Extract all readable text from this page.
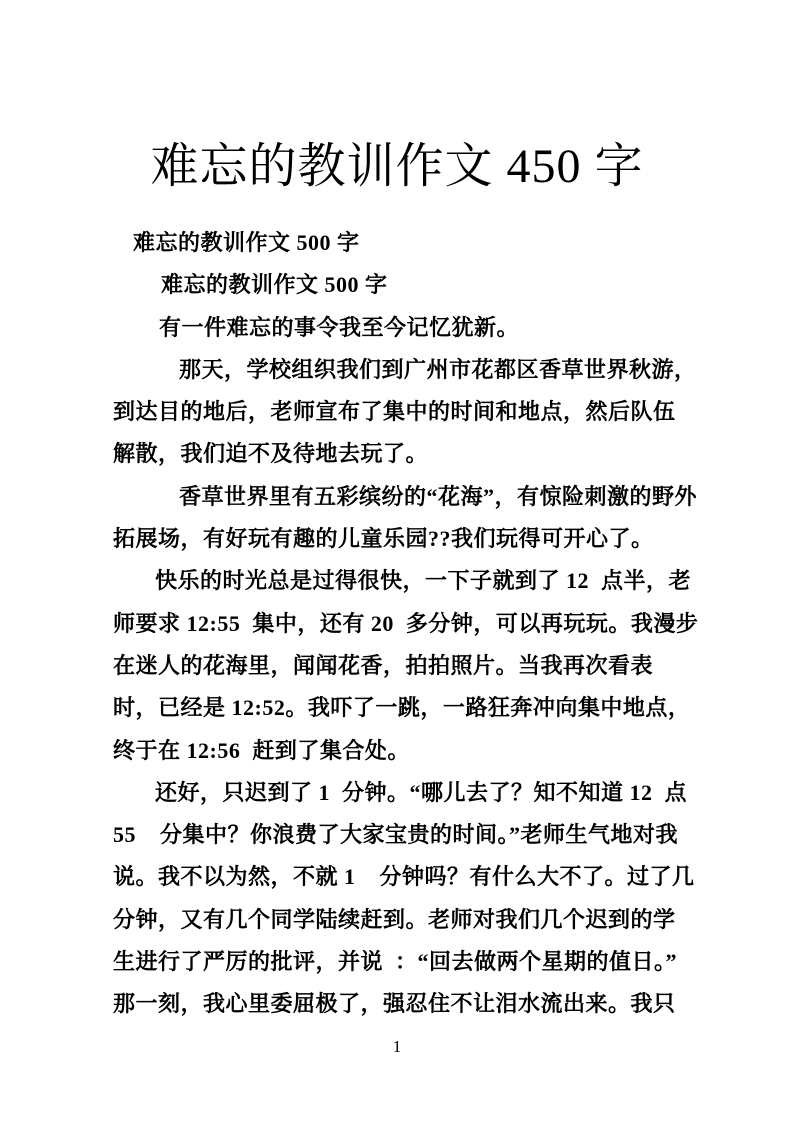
难忘的教训作文 450 字
难忘的教训作文 500 字
难忘的教训作文 500 字
有一件难忘的事令我至今记忆犹新。
那天，学校组织我们到广州市花都区香草世界秋游，
到达目的地后，老师宣布了集中的时间和地点，然后队伍
解散，我们迫不及待地去玩了。
香草世界里有五彩缤纷的“花海”，有惊险刺激的野外
拓展场，有好玩有趣的儿童乐园??我们玩得可开心了。
快乐的时光总是过得很快，一下子就到了 12  点半，老
师要求 12:55  集中，还有 20  多分钟，可以再玩玩。我漫步
在迷人的花海里，闻闻花香，拍拍照片。当我再次看表
时，已经是 12:52。我吓了一跳，一路狂奔冲向集中地点，
终于在 12:56  赶到了集合处。
还好，只迟到了 1  分钟。“哪儿去了？知不知道 12  点
55    分集中？你浪费了大家宝贵的时间。”老师生气地对我
说。我不以为然，不就 1    分钟吗？有什么大不了。过了几
分钟，又有几个同学陆续赶到。老师对我们几个迟到的学
生进行了严厉的批评，并说  ：“回去做两个星期的值日。”
那一刻，我心里委屈极了，强忍住不让泪水流出来。我只
1
